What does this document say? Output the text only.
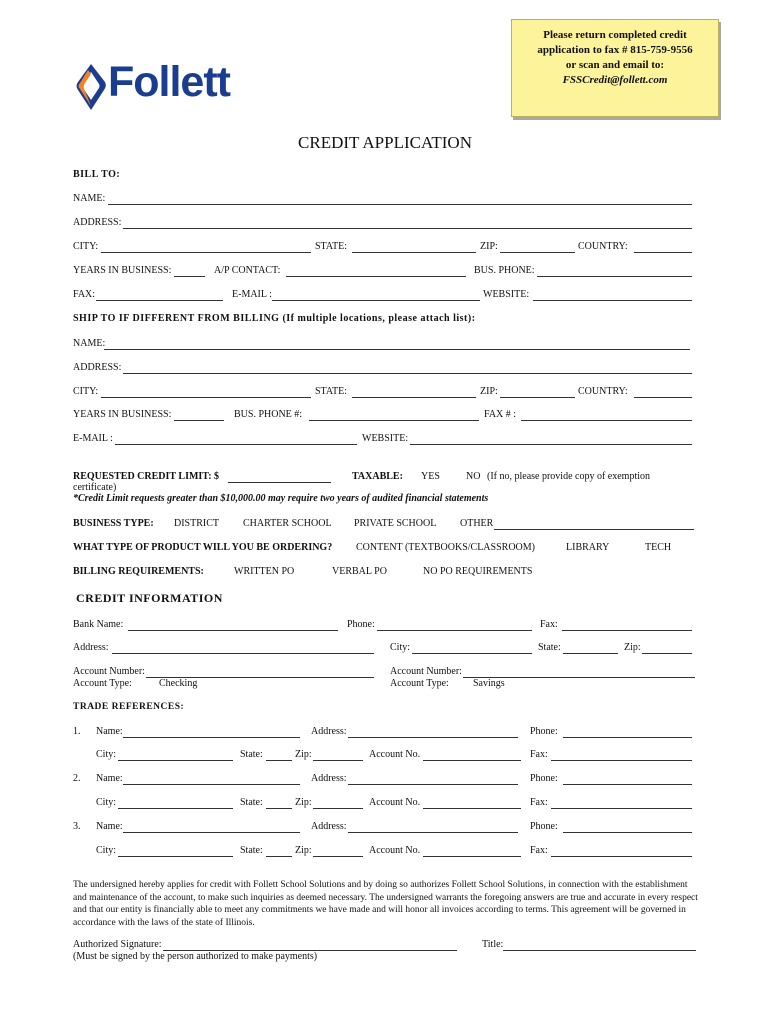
Please return completed credit
application to fax # 815-759-9556
or scan and email to:
FSSCredit@follett.com
Follett
CREDIT APPLICATION
BILL TO:
NAME:
ADDRESS:
CITY:	STATE:	ZIP:	COUNTRY:
YEARS IN BUSINESS:	A/P CONTACT:	BUS. PHONE:
FAX:	E-MAIL :	WEBSITE:
SHIP TO IF DIFFERENT FROM BILLING (If multiple locations, please attach list):
NAME:
ADDRESS:
CITY:	STATE:	ZIP:	COUNTRY:
YEARS IN BUSINESS:	BUS. PHONE #:	FAX # :
E-MAIL :	WEBSITE:
REQUESTED CREDIT LIMIT: $	TAXABLE: YES	NO (If no, please provide copy of exemption
certificate)
*Credit Limit requests greater than $10,000.00 may require two years of audited financial statements
BUSINESS TYPE: DISTRICT CHARTER SCHOOL PRIVATE SCHOOL OTHER
WHAT TYPE OF PRODUCT WILL YOU BE ORDERING? CONTENT (TEXTBOOKS/CLASSROOM)	LIBRARY	TECH
BILLING REQUIREMENTS:	WRITTEN PO	VERBAL PO	NO PO REQUIREMENTS
CREDIT INFORMATION
Bank Name:	Phone:	Fax:
Address:	City:	State:	Zip:
Account Number:
Account Type:	Checking
Account Number:
Account Type: Savings
TRADE REFERENCES:
1. Name:	Address:	Phone:
City:	State:	Zip:	Account No.	Fax:
2. Name:	Address:	Phone:
City:	State:	Zip:	Account No.	Fax:
3. Name:	Address:	Phone:
City:	State:	Zip:	Account No.	Fax:
The undersigned hereby applies for credit with Follett School Solutions and by doing so authorizes Follett School Solutions, in connection with the establishment and maintenance of the account, to make such inquiries as deemed necessary. The undersigned warrants the foregoing answers are true and accurate in every respect and that our entity is financially able to meet any commitments we have made and will honor all invoices according to terms. This agreement will be governed in accordance with the laws of the state of Illinois.
Authorized Signature:	Title:
(Must be signed by the person authorized to make payments)
